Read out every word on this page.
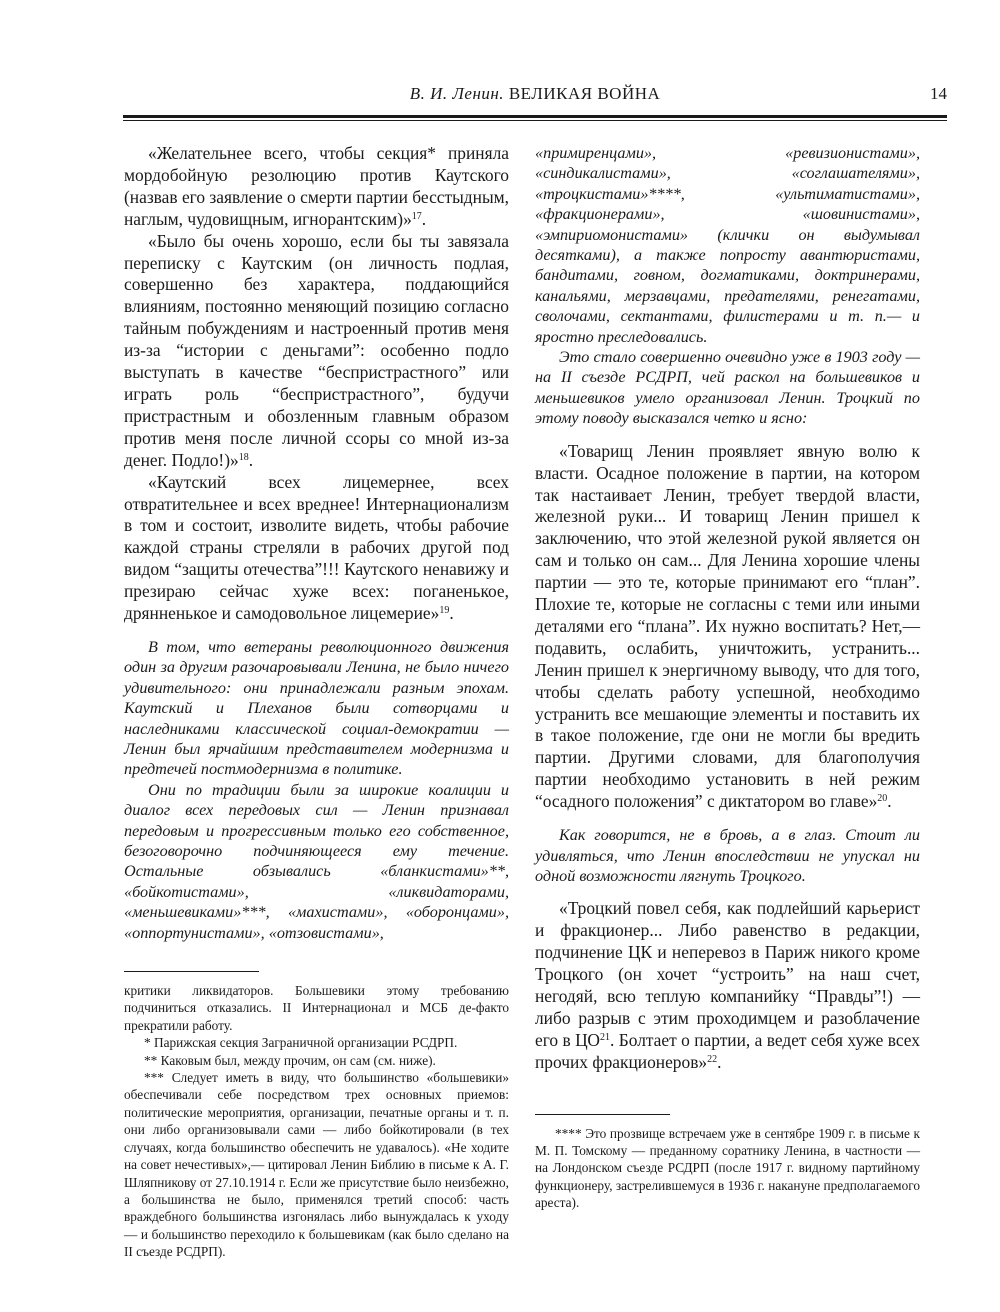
В. И. Ленин. ВЕЛИКАЯ ВОЙНА	14

«Желательнее всего, чтобы секция* приняла мордобойную резолюцию против Каутского (назвав его заявление о смерти партии бесстыдным, наглым, чудовищным, игнорантским)»$^{17}$.

«Было бы очень хорошо, если бы ты завязала переписку с Каутским (он личность подлая, совершенно без характера, поддающийся влияниям, постоянно меняющий позицию согласно тайным побуждениям и настроенный против меня из-за “истории с деньгами”: особенно подло выступать в качестве “беспристрастного” или играть роль “беспристрастного”, будучи пристрастным и обозленным главным образом против меня после личной ссоры со мной из-за денег. Подло!)»$^{18}$.

«Каутский всех лицемернее, всех отвратительнее и всех вреднее! Интернационализм в том и состоит, изволите видеть, чтобы рабочие каждой страны стреляли в рабочих другой под видом “защиты отечества”!!! Каутского ненавижу и презираю сейчас хуже всех: поганенькое, дрянненькое и самодовольное лицемерие»$^{19}$.

В том, что ветераны революционного движения один за другим разочаровывали Ленина, не было ничего удивительного: они принадлежали разным эпохам. Каутский и Плеханов были сотворцами и наследниками классической социал-демократии — Ленин был ярчайшим представителем модернизма и предтечей постмодернизма в политике.

Они по традиции были за широкие коалиции и диалог всех передовых сил — Ленин признавал передовым и прогрессивным только его собственное, безоговорочно подчиняющееся ему течение. Остальные обзывались «бланкистами»**, «бойкотистами», «ликвидаторами, «меньшевиками»***, «махистами», «оборонцами», «оппортунистами», «отзовистами»,

критики ликвидаторов. Большевики этому требованию подчиниться отказались. II Интернационал и МСБ де-факто прекратили работу.

* Парижская секция Заграничной организации РСДРП.

** Каковым был, между прочим, он сам (см. ниже).

*** Следует иметь в виду, что большинство «большевики» обеспечивали себе посредством трех основных приемов: политические мероприятия, организации, печатные органы и т. п. они либо организовывали сами — либо бойкотировали (в тех случаях, когда большинство обеспечить не удавалось). «Не ходите на совет нечестивых»,— цитировал Ленин Библию в письме к А. Г. Шляпникову от 27.10.1914 г. Если же присутствие было неизбежно, а большинства не было, применялся третий способ: часть враждебного большинства изгонялась либо вынуждалась к уходу — и большинство переходило к большевикам (как было сделано на II съезде РСДРП).

«примиренцами», «ревизионистами», «синдикалистами», «соглашателями», «троцкистами»****, «ультиматистами», «фракционерами», «шовинистами», «эмпириомонистами» (клички он выдумывал десятками), а также попросту авантюристами, бандитами, говном, догматиками, доктринерами, канальями, мерзавцами, предателями, ренегатами, сволочами, сектантами, филистерами и т. п.— и яростно преследовались.

Это стало совершенно очевидно уже в 1903 году — на II съезде РСДРП, чей раскол на большевиков и меньшевиков умело организовал Ленин. Троцкий по этому поводу высказался четко и ясно:

«Товарищ Ленин проявляет явную волю к власти. Осадное положение в партии, на котором так настаивает Ленин, требует твердой власти, железной руки... И товарищ Ленин пришел к заключению, что этой железной рукой является он сам и только он сам... Для Ленина хорошие члены партии — это те, которые принимают его “план”. Плохие те, которые не согласны с теми или иными деталями его “плана”. Их нужно воспитать? Нет,— подавить, ослабить, уничтожить, устранить... Ленин пришел к энергичному выводу, что для того, чтобы сделать работу успешной, необходимо устранить все мешающие элементы и поставить их в такое положение, где они не могли бы вредить партии. Другими словами, для благополучия партии необходимо установить в ней режим “осадного положения” с диктатором во главе»$^{20}$.

Как говорится, не в бровь, а в глаз. Стоит ли удивляться, что Ленин впоследствии не упускал ни одной возможности лягнуть Троцкого.

«Троцкий повел себя, как подлейший карьерист и фракционер... Либо равенство в редакции, подчинение ЦК и неперевоз в Париж никого кроме Троцкого (он хочет “устроить” на наш счет, негодяй, всю теплую компанийку “Правды”!) — либо разрыв с этим проходимцем и разоблачение его в ЦО$^{21}$. Болтает о партии, а ведет себя хуже всех прочих фракционеров»$^{22}$.

**** Это прозвище встречаем уже в сентябре 1909 г. в письме к М. П. Томскому — преданному соратнику Ленина, в частности — на Лондонском съезде РСДРП (после 1917 г. видному партийному функционеру, застрелившемуся в 1936 г. накануне предполагаемого ареста).
